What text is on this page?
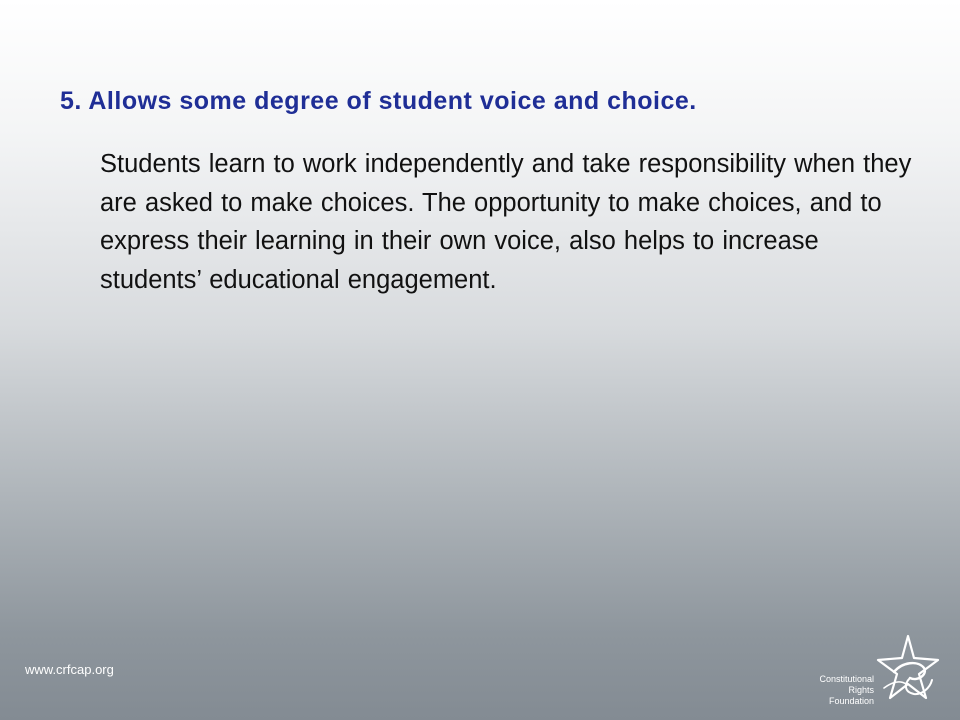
5. Allows some degree of student voice and choice.

Students learn to work independently and take responsibility when they are asked to make choices. The opportunity to make choices, and to express their learning in their own voice, also helps to increase students’ educational engagement.

www.crfcap.org
Constitutional
Rights
Foundation
